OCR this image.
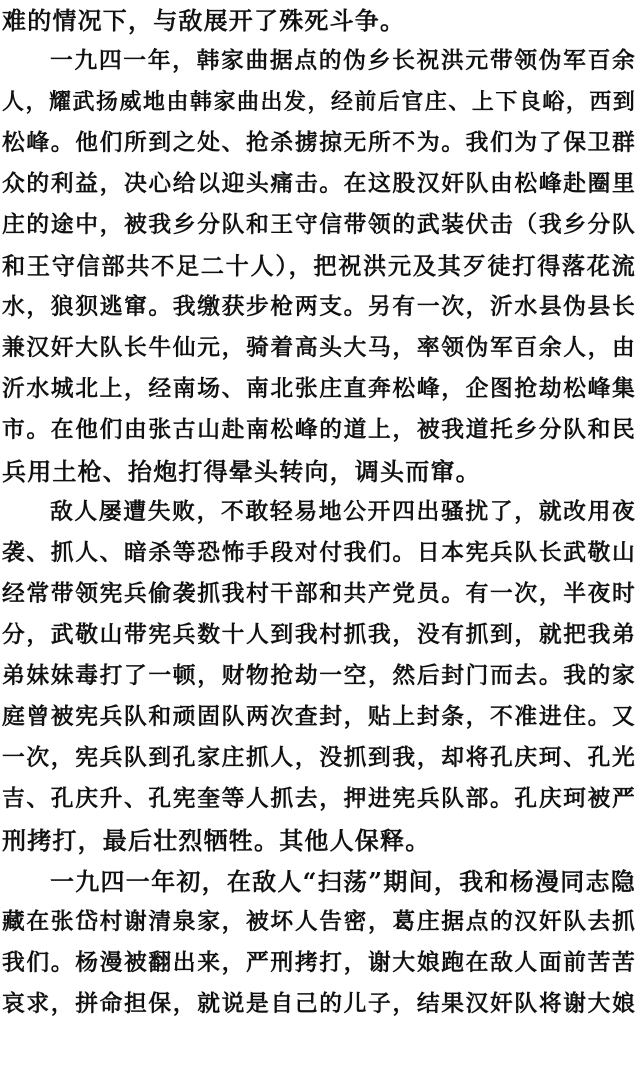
难的情况下，与敌展开了殊死斗争。
一九四一年，韩家曲据点的伪乡长祝洪元带领伪军百余
人，耀武扬威地由韩家曲出发，经前后官庄、上下良峪，西到
松峰。他们所到之处、抢杀掳掠无所不为。我们为了保卫群
众的利益，决心给以迎头痛击。在这股汉奸队由松峰赴圈里
庄的途中，被我乡分队和王守信带领的武装伏击（我乡分队
和王守信部共不足二十人），把祝洪元及其歹徒打得落花流
水，狼狈逃窜。我缴获步枪两支。另有一次，沂水县伪县长
兼汉奸大队长牛仙元，骑着高头大马，率领伪军百余人，由
沂水城北上，经南场、南北张庄直奔松峰，企图抢劫松峰集
市。在他们由张古山赴南松峰的道上，被我道托乡分队和民
兵用土枪、抬炮打得晕头转向，调头而窜。
敌人屡遭失败，不敢轻易地公开四出骚扰了，就改用夜
袭、抓人、暗杀等恐怖手段对付我们。日本宪兵队长武敬山
经常带领宪兵偷袭抓我村干部和共产党员。有一次，半夜时
分，武敬山带宪兵数十人到我村抓我，没有抓到，就把我弟
弟妹妹毒打了一顿，财物抢劫一空，然后封门而去。我的家
庭曾被宪兵队和顽固队两次查封，贴上封条，不准进住。又
一次，宪兵队到孔家庄抓人，没抓到我，却将孔庆珂、孔光
吉、孔庆升、孔宪奎等人抓去，押进宪兵队部。孔庆珂被严
刑拷打，最后壮烈牺牲。其他人保释。
一九四一年初，在敌人“扫荡”期间，我和杨漫同志隐
藏在张岱村谢清泉家，被坏人告密，葛庄据点的汉奸队去抓
我们。杨漫被翻出来，严刑拷打，谢大娘跑在敌人面前苦苦
哀求，拼命担保，就说是自己的儿子，结果汉奸队将谢大娘
